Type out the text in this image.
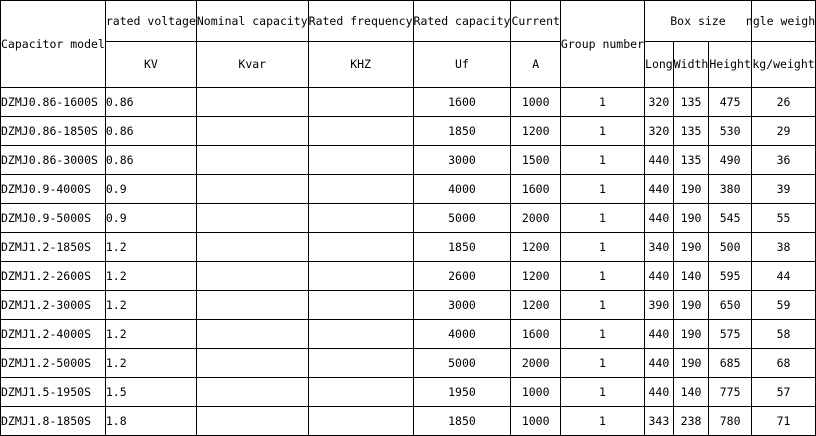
Capacitor model	rated voltage	Nominal capacity	Rated frequency	Rated capacity	Current	Group number	Box size			ngle weigh

	KV	Kvar	KHZ	Uf	A		Long	Width	Height	kg/weight
DZMJ0.86-1600S	0.86			1600	1000	1	320	135	475	26
DZMJ0.86-1850S	0.86			1850	1200	1	320	135	530	29
DZMJ0.86-3000S	0.86			3000	1500	1	440	135	490	36
DZMJ0.9-4000S	0.9			4000	1600	1	440	190	380	39
DZMJ0.9-5000S	0.9			5000	2000	1	440	190	545	55
DZMJ1.2-1850S	1.2			1850	1200	1	340	190	500	38
DZMJ1.2-2600S	1.2			2600	1200	1	440	140	595	44
DZMJ1.2-3000S	1.2			3000	1200	1	390	190	650	59
DZMJ1.2-4000S	1.2			4000	1600	1	440	190	575	58
DZMJ1.2-5000S	1.2			5000	2000	1	440	190	685	68
DZMJ1.5-1950S	1.5			1950	1000	1	440	140	775	57
DZMJ1.8-1850S	1.8			1850	1000	1	343	238	780	71
